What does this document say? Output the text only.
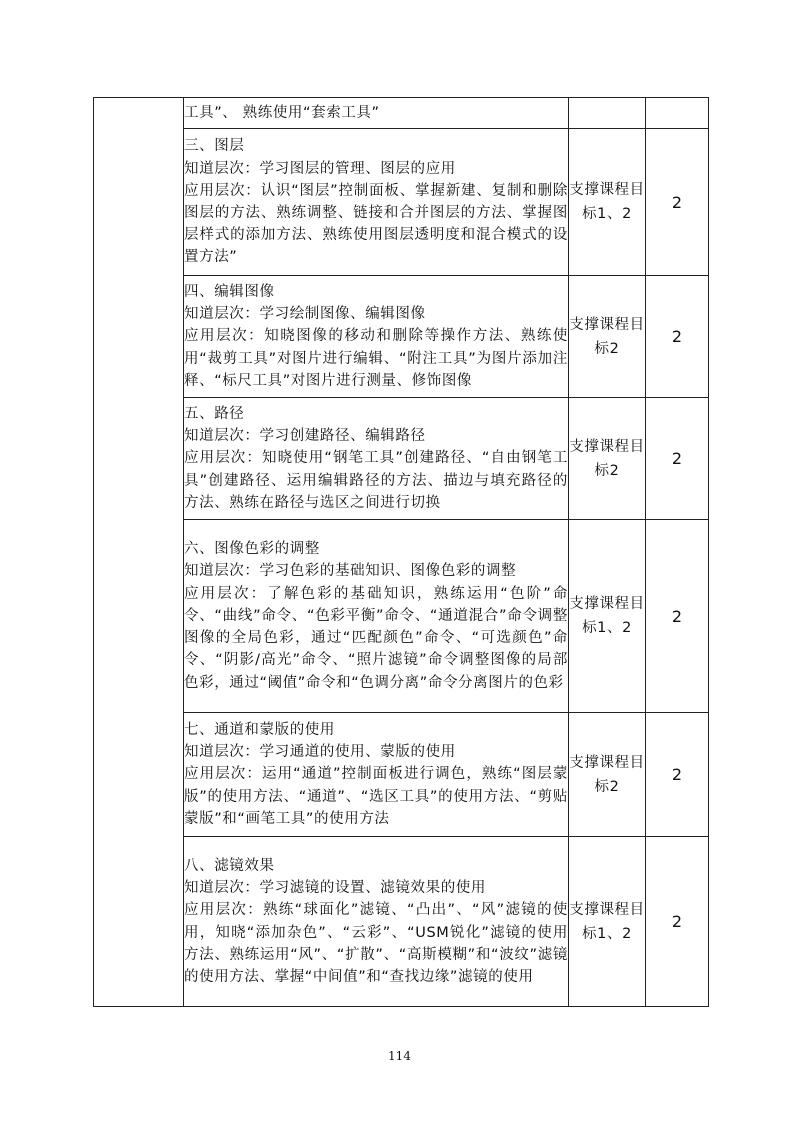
	工具”、 熟练使用“套索工具”		

	三、图层
知道层次：学习图层的管理、图层的应用
应用层次：认识“图层”控制面板、掌握新建、复制和删除图层的方法、熟练调整、链接和合并图层的方法、掌握图层样式的添加方法、熟练使用图层透明度和混合模式的设置方法”	支撑课程目标1、2	2

	四、编辑图像
知道层次：学习绘制图像、编辑图像
应用层次：知晓图像的移动和删除等操作方法、熟练使用“裁剪工具”对图片进行编辑、“附注工具”为图片添加注释、“标尺工具”对图片进行测量、修饰图像	支撑课程目标2	2

	五、路径
知道层次：学习创建路径、编辑路径
应用层次：知晓使用“钢笔工具”创建路径、“自由钢笔工具”创建路径、运用编辑路径的方法、描边与填充路径的方法、熟练在路径与选区之间进行切换	支撑课程目标2	2

	六、图像色彩的调整
知道层次：学习色彩的基础知识、图像色彩的调整
应用层次：了解色彩的基础知识，熟练运用“色阶”命令、“曲线”命令、“色彩平衡”命令、“通道混合”命令调整图像的全局色彩，通过“匹配颜色”命令、“可选颜色”命令、“阴影/高光”命令、“照片滤镜”命令调整图像的局部色彩，通过“阈值”命令和“色调分离”命令分离图片的色彩	支撑课程目标1、2	2

	七、通道和蒙版的使用
知道层次：学习通道的使用、蒙版的使用
应用层次：运用“通道”控制面板进行调色，熟练“图层蒙版”的使用方法、“通道”、“选区工具”的使用方法、“剪贴蒙版”和“画笔工具”的使用方法	支撑课程目标2	2

	八、滤镜效果
知道层次：学习滤镜的设置、滤镜效果的使用
应用层次：熟练“球面化”滤镜、“凸出”、“风”滤镜的使用，知晓“添加杂色”、“云彩”、“USM锐化”滤镜的使用方法、熟练运用“风”、“扩散”、“高斯模糊”和“波纹”滤镜的使用方法、掌握“中间值”和“查找边缘”滤镜的使用	支撑课程目标1、2	2
114
